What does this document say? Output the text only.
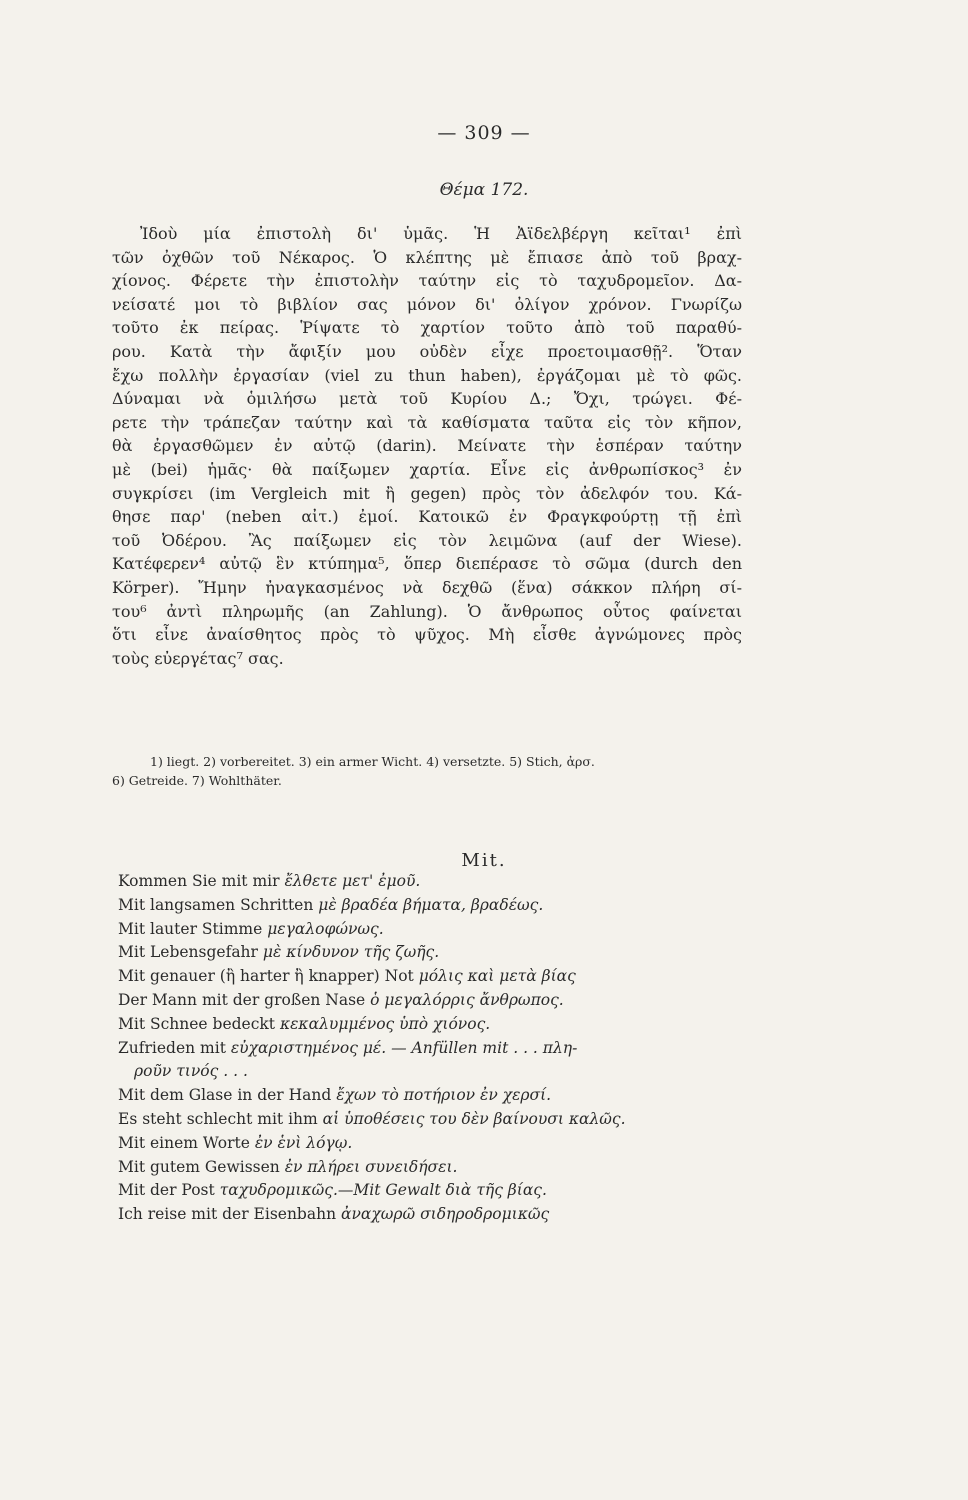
— 309 —
Θέμα 172.
Ἰδοὺ μία ἐπιστολὴ δι' ὑμᾶς. Ἡ Ἀϊδελβέργη κεῖται¹ ἐπὶ
τῶν ὀχθῶν τοῦ Νέκαρος. Ὁ κλέπτης μὲ ἔπιασε ἀπὸ τοῦ βραχ-
χίονος. Φέρετε τὴν ἐπιστολὴν ταύτην εἰς τὸ ταχυδρομεῖον. Δα-
νείσατέ μοι τὸ βιβλίον σας μόνον δι' ὀλίγον χρόνον. Γνωρίζω
τοῦτο ἐκ πείρας. Ῥίψατε τὸ χαρτίον τοῦτο ἀπὸ τοῦ παραθύ-
ρου. Κατὰ τὴν ἄφιξίν μου οὐδὲν εἶχε προετοιμασθῇ². Ὅταν
ἔχω πολλὴν ἐργασίαν (viel zu thun haben), ἐργάζομαι μὲ τὸ φῶς.
Δύναμαι νὰ ὁμιλήσω μετὰ τοῦ Κυρίου Δ.; Ὄχι, τρώγει. Φέ-
ρετε τὴν τράπεζαν ταύτην καὶ τὰ καθίσματα ταῦτα εἰς τὸν κῆπον,
θὰ ἐργασθῶμεν ἐν αὐτῷ (darin). Μείνατε τὴν ἑσπέραν ταύτην
μὲ (bei) ἡμᾶς· θὰ παίξωμεν χαρτία. Εἶνε εἰς ἀνθρωπίσκος³ ἐν
συγκρίσει (im Vergleich mit ἢ gegen) πρὸς τὸν ἀδελφόν του. Κά-
θησε παρ' (neben αἰτ.) ἐμοί. Κατοικῶ ἐν Φραγκφούρτῃ τῇ ἐπὶ
τοῦ Ὀδέρου. Ἂς παίξωμεν εἰς τὸν λειμῶνα (auf der Wiese).
Κατέφερεν⁴ αὐτῷ ἓν κτύπημα⁵, ὅπερ διεπέρασε τὸ σῶμα (durch den
Körper). Ἤμην ἠναγκασμένος νὰ δεχθῶ (ἕνα) σάκκον πλήρη σί-
του⁶ ἀντὶ πληρωμῆς (an Zahlung). Ὁ ἄνθρωπος οὗτος φαίνεται
ὅτι εἶνε ἀναίσθητος πρὸς τὸ ψῦχος. Μὴ εἶσθε ἀγνώμονες πρὸς
τοὺς εὐεργέτας⁷ σας.
1) liegt. 2) vorbereitet. 3) ein armer Wicht. 4) versetzte. 5) Stich, ἀρσ.
6) Getreide. 7) Wohlthäter.
Mit.
Kommen Sie mit mir ἔλθετε μετ' ἐμοῦ.
Mit langsamen Schritten μὲ βραδέα βήματα, βραδέως.
Mit lauter Stimme μεγαλοφώνως.
Mit Lebensgefahr μὲ κίνδυνον τῆς ζωῆς.
Mit genauer (ἢ harter ἢ knapper) Not μόλις καὶ μετὰ βίας
Der Mann mit der großen Nase ὁ μεγαλόρρις ἄνθρωπος.
Mit Schnee bedeckt κεκαλυμμένος ὑπὸ χιόνος.
Zufrieden mit εὐχαριστημένος μέ. — Anfüllen mit . . . πλη-
ροῦν τινός . . .
Mit dem Glase in der Hand ἔχων τὸ ποτήριον ἐν χερσί.
Es steht schlecht mit ihm αἱ ὑποθέσεις του δὲν βαίνουσι καλῶς.
Mit einem Worte ἐν ἑνὶ λόγῳ.
Mit gutem Gewissen ἐν πλήρει συνειδήσει.
Mit der Post ταχυδρομικῶς.—Mit Gewalt διὰ τῆς βίας.
Ich reise mit der Eisenbahn ἀναχωρῶ σιδηροδρομικῶς
